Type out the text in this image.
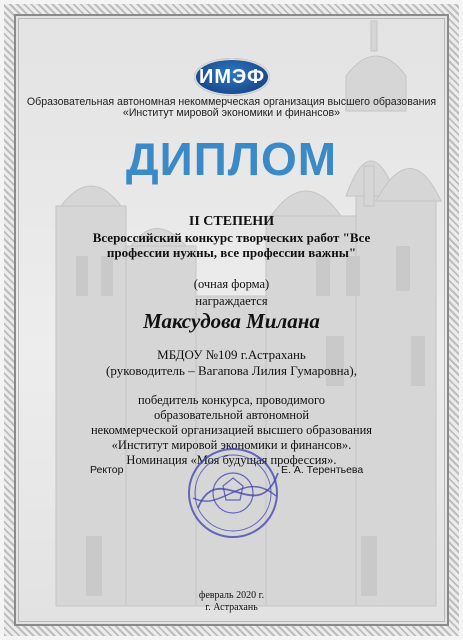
ИМЭФ
Образовательная автономная некоммерческая организация высшего образования
«Институт мировой экономики и финансов»
ДИПЛОМ
II СТЕПЕНИ
Всероссийский конкурс творческих работ "Все профессии нужны, все профессии важны"
(очная форма)
награждается
Максудова Милана
МБДОУ №109 г.Астрахань
(руководитель – Вагапова Лилия Гумаровна),
победитель конкурса, проводимого
образовательной автономной
некоммерческой организацией высшего образования
«Институт мировой экономики и финансов».
Номинация «Моя будущая профессия».
Ректор	Е. А. Терентьева
февраль 2020 г.
г. Астрахань
